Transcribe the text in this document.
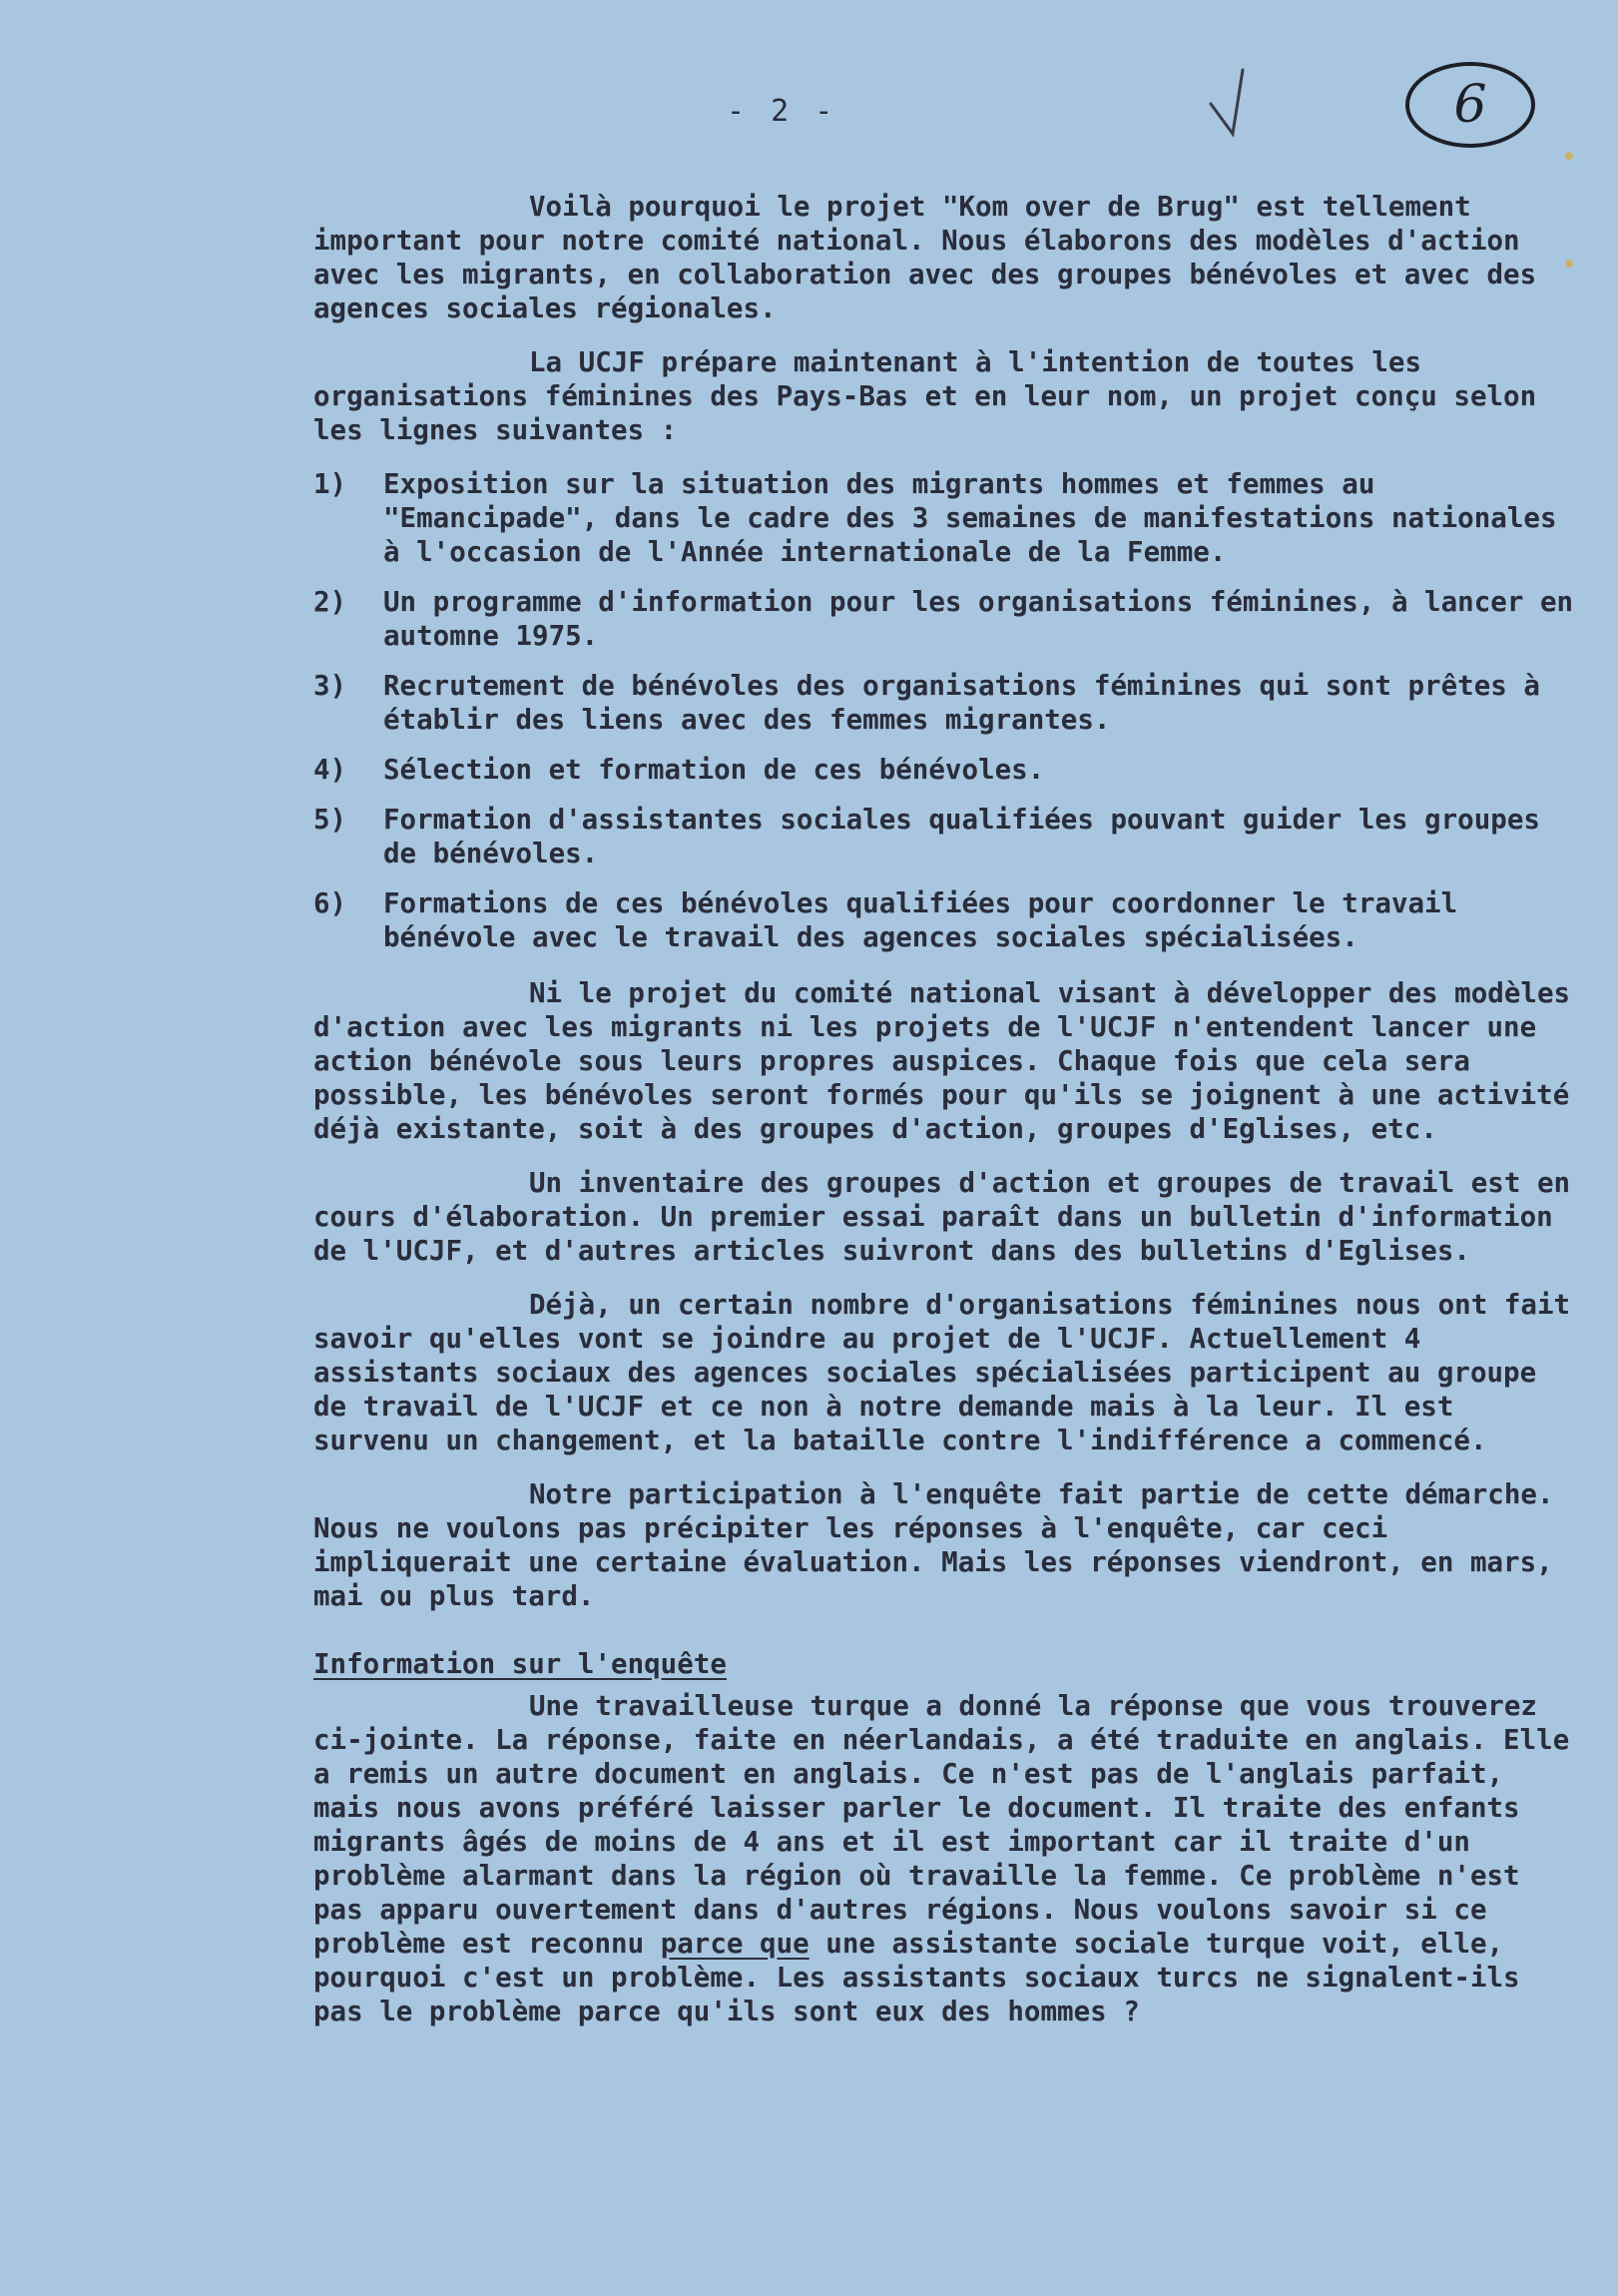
- 2 -	6

Voilà pourquoi le projet "Kom over de Brug" est tellement important pour notre comité national. Nous élaborons des modèles d'action avec les migrants, en collaboration avec des groupes bénévoles et avec des agences sociales régionales.

La UCJF prépare maintenant à l'intention de toutes les organisations féminines des Pays-Bas et en leur nom, un projet conçu selon les lignes suivantes :

1)	Exposition sur la situation des migrants hommes et femmes au "Emancipade", dans le cadre des 3 semaines de manifestations nationales à l'occasion de l'Année internationale de la Femme.
2)	Un programme d'information pour les organisations féminines, à lancer en automne 1975.
3)	Recrutement de bénévoles des organisations féminines qui sont prêtes à établir des liens avec des femmes migrantes.
4)	Sélection et formation de ces bénévoles.
5)	Formation d'assistantes sociales qualifiées pouvant guider les groupes de bénévoles.
6)	Formations de ces bénévoles qualifiées pour coordonner le travail bénévole avec le travail des agences sociales spécialisées.

Ni le projet du comité national visant à développer des modèles d'action avec les migrants ni les projets de l'UCJF n'entendent lancer une action bénévole sous leurs propres auspices. Chaque fois que cela sera possible, les bénévoles seront formés pour qu'ils se joignent à une activité déjà existante, soit à des groupes d'action, groupes d'Eglises, etc.

Un inventaire des groupes d'action et groupes de travail est en cours d'élaboration. Un premier essai paraît dans un bulletin d'information de l'UCJF, et d'autres articles suivront dans des bulletins d'Eglises.

Déjà, un certain nombre d'organisations féminines nous ont fait savoir qu'elles vont se joindre au projet de l'UCJF. Actuellement 4 assistants sociaux des agences sociales spécialisées participent au groupe de travail de l'UCJF et ce non à notre demande mais à la leur. Il est survenu un changement, et la bataille contre l'indifférence a commencé.

Notre participation à l'enquête fait partie de cette démarche. Nous ne voulons pas précipiter les réponses à l'enquête, car ceci impliquerait une certaine évaluation. Mais les réponses viendront, en mars, mai ou plus tard.

Information sur l'enquête

Une travailleuse turque a donné la réponse que vous trouverez ci-jointe. La réponse, faite en néerlandais, a été traduite en anglais. Elle a remis un autre document en anglais. Ce n'est pas de l'anglais parfait, mais nous avons préféré laisser parler le document. Il traite des enfants migrants âgés de moins de 4 ans et il est important car il traite d'un problème alarmant dans la région où travaille la femme. Ce problème n'est pas apparu ouvertement dans d'autres régions. Nous voulons savoir si ce problème est reconnu parce que une assistante sociale turque voit, elle, pourquoi c'est un problème. Les assistants sociaux turcs ne signalent-ils pas le problème parce qu'ils sont eux des hommes ?
